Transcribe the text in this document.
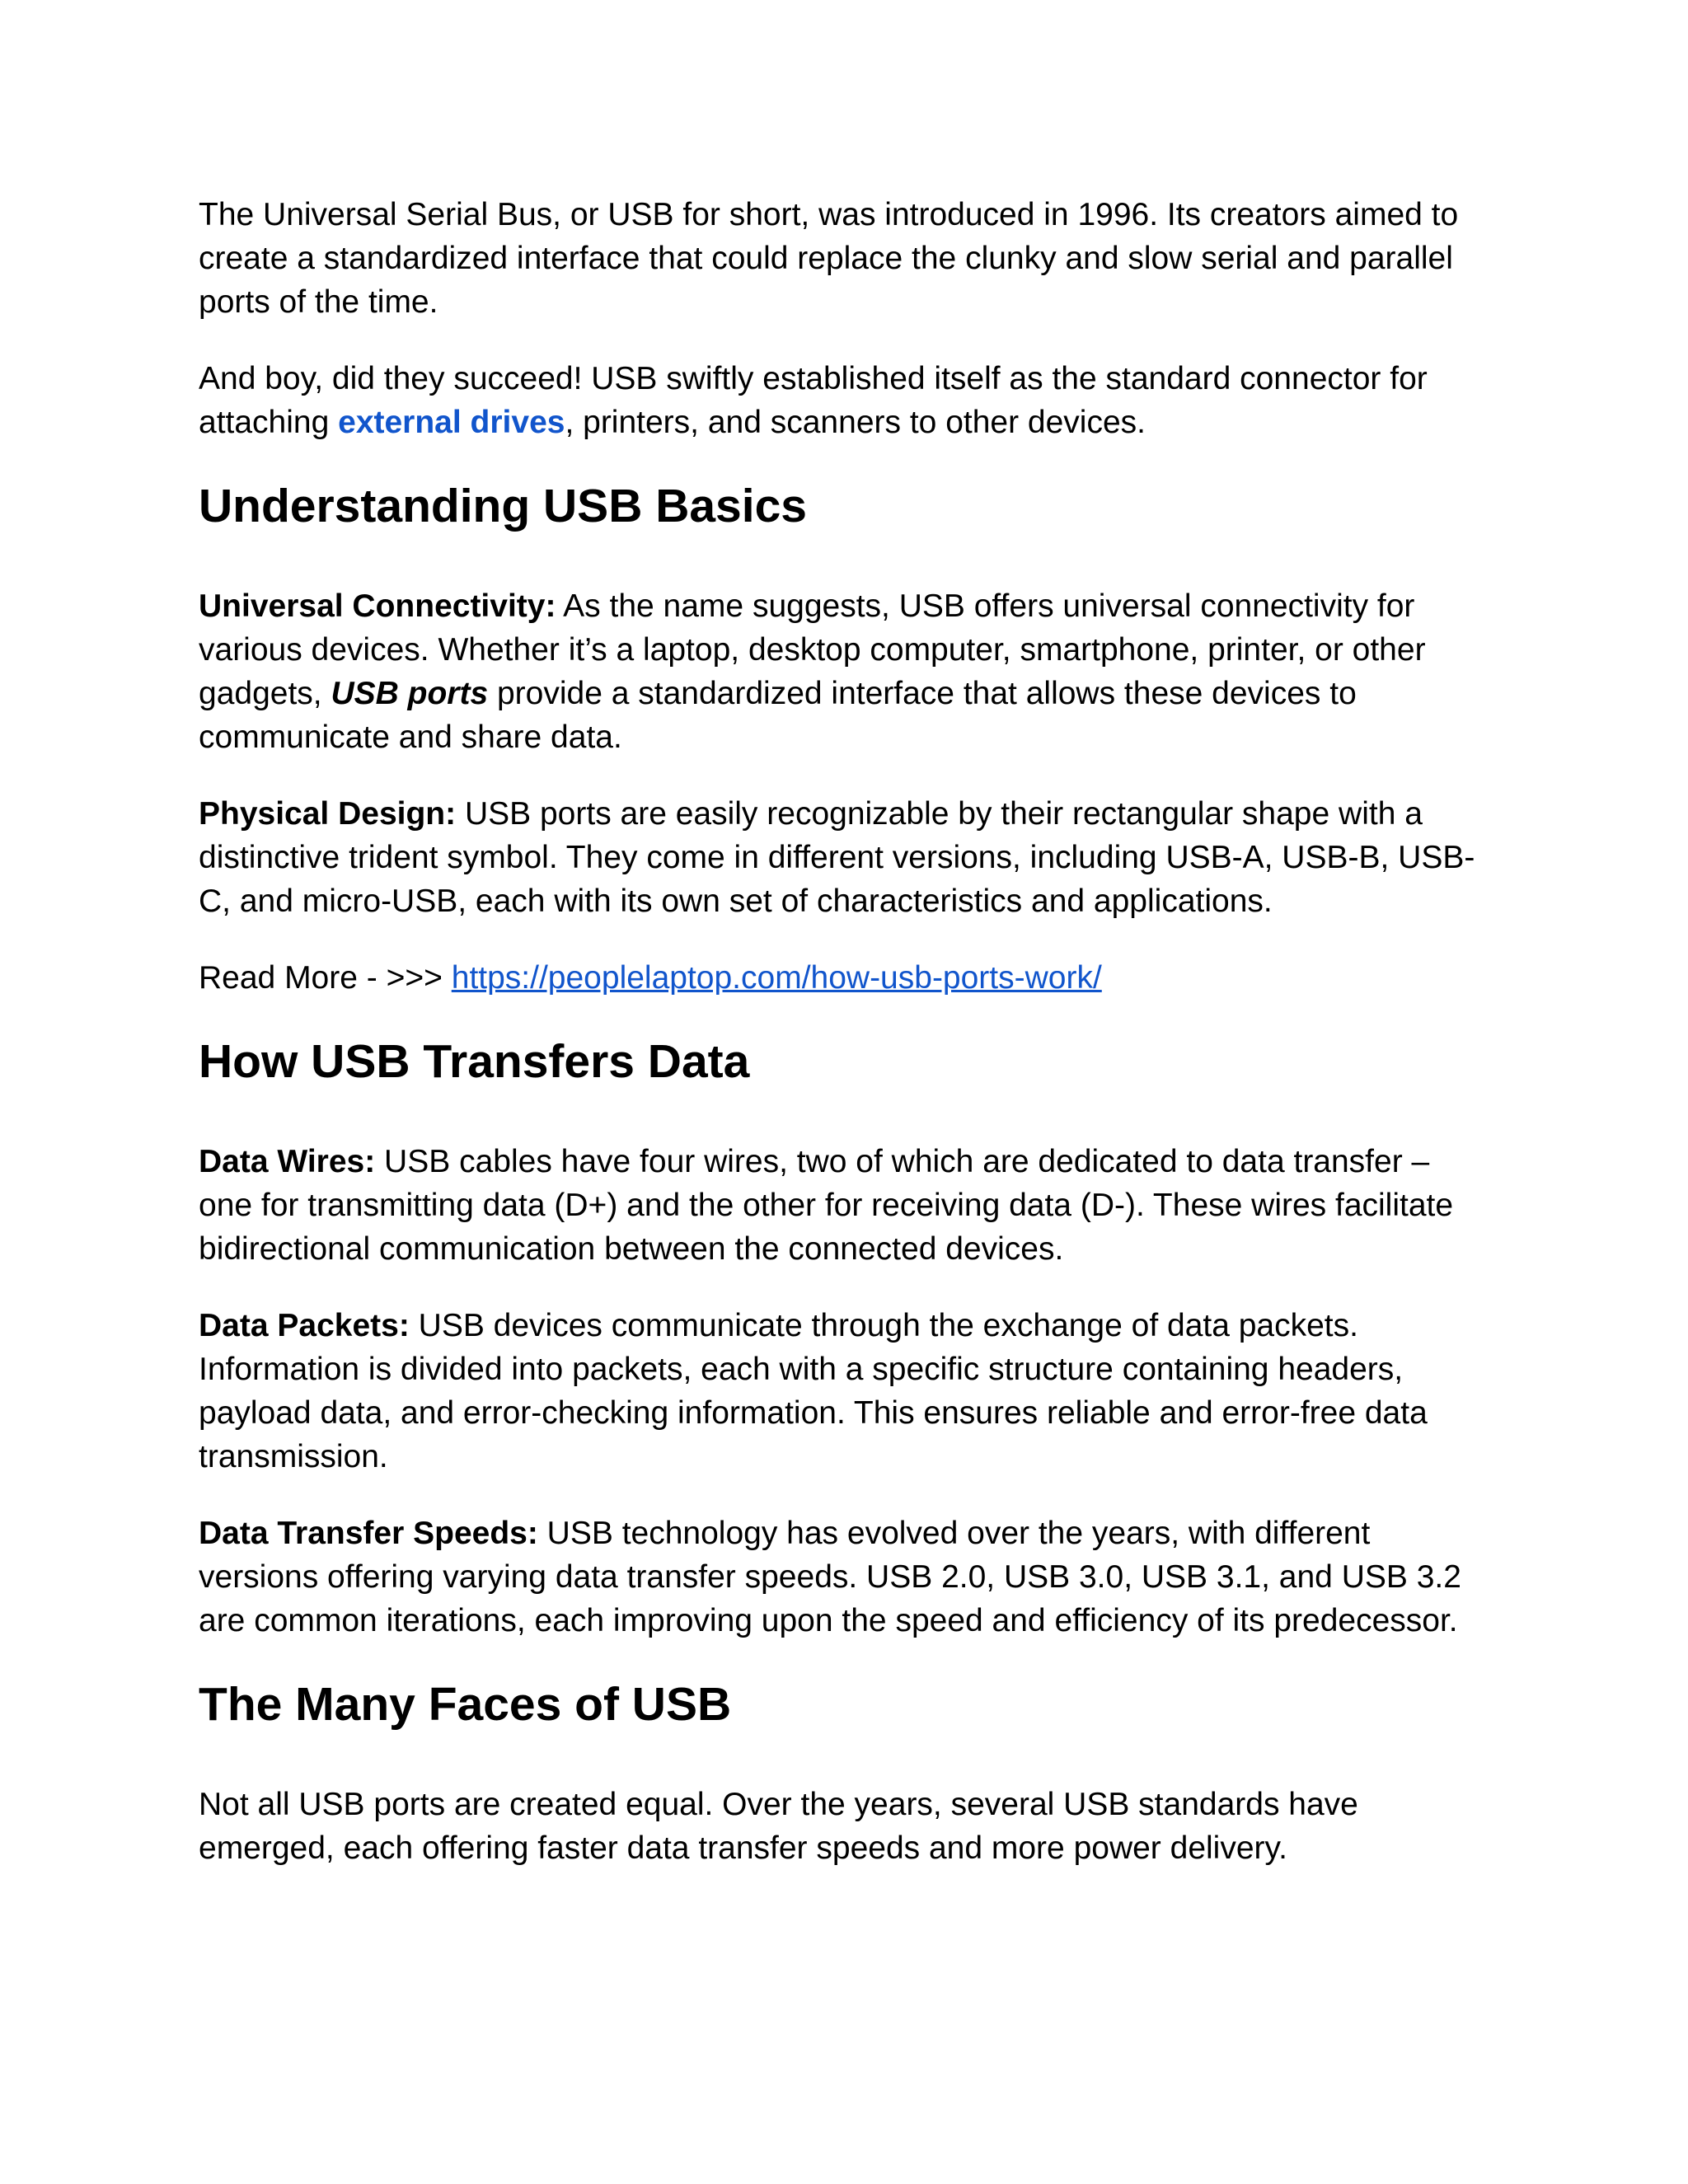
The Universal Serial Bus, or USB for short, was introduced in 1996. Its creators aimed to create a standardized interface that could replace the clunky and slow serial and parallel ports of the time.

And boy, did they succeed! USB swiftly established itself as the standard connector for attaching external drives, printers, and scanners to other devices.

Understanding USB Basics

Universal Connectivity: As the name suggests, USB offers universal connectivity for various devices. Whether it’s a laptop, desktop computer, smartphone, printer, or other gadgets, USB ports provide a standardized interface that allows these devices to communicate and share data.

Physical Design: USB ports are easily recognizable by their rectangular shape with a distinctive trident symbol. They come in different versions, including USB-A, USB-B, USB-C, and micro-USB, each with its own set of characteristics and applications.

Read More - >>> https://peoplelaptop.com/how-usb-ports-work/

How USB Transfers Data

Data Wires: USB cables have four wires, two of which are dedicated to data transfer – one for transmitting data (D+) and the other for receiving data (D-). These wires facilitate bidirectional communication between the connected devices.

Data Packets: USB devices communicate through the exchange of data packets. Information is divided into packets, each with a specific structure containing headers, payload data, and error-checking information. This ensures reliable and error-free data transmission.

Data Transfer Speeds: USB technology has evolved over the years, with different versions offering varying data transfer speeds. USB 2.0, USB 3.0, USB 3.1, and USB 3.2 are common iterations, each improving upon the speed and efficiency of its predecessor.

The Many Faces of USB

Not all USB ports are created equal. Over the years, several USB standards have emerged, each offering faster data transfer speeds and more power delivery.
